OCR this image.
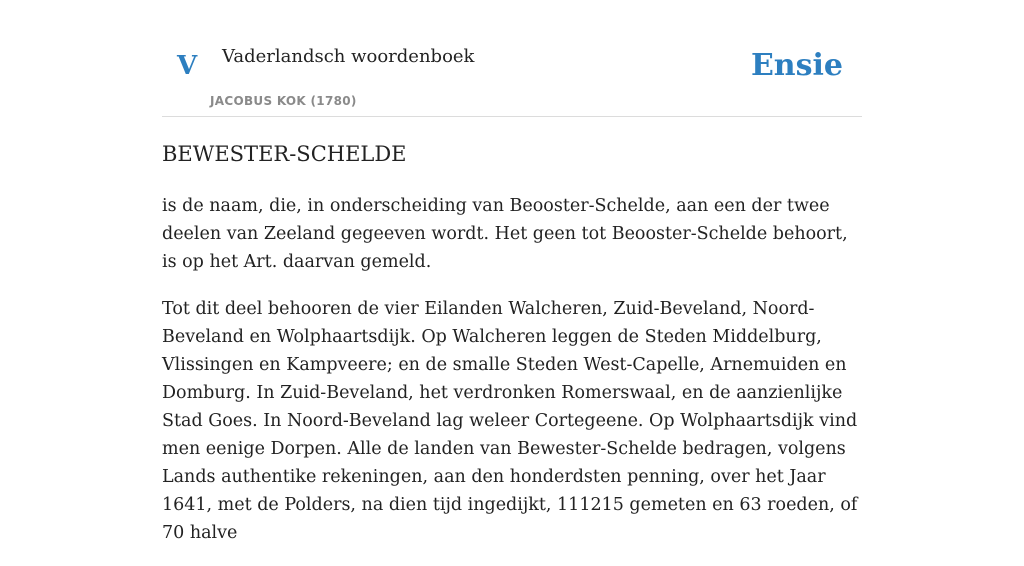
V Vaderlandsch woordenboek
JACOBUS KOK (1780)
Ensie
BEWESTER-SCHELDE

is de naam, die, in onderscheiding van Beooster-Schelde, aan een der twee deelen van Zeeland gegeeven wordt. Het geen tot Beooster-Schelde behoort, is op het Art. daarvan gemeld.

Tot dit deel behooren de vier Eilanden Walcheren, Zuid-Beveland, Noord-Beveland en Wolphaartsdijk. Op Walcheren leggen de Steden Middelburg, Vlissingen en Kampveere; en de smalle Steden West-Capelle, Arnemuiden en Domburg. In Zuid-Beveland, het verdronken Romerswaal, en de aanzienlijke Stad Goes. In Noord-Beveland lag weleer Cortegeene. Op Wolphaartsdijk vind men eenige Dorpen. Alle de landen van Bewester-Schelde bedragen, volgens Lands authentike rekeningen, aan den honderdsten penning, over het Jaar 1641, met de Polders, na dien tijd ingedijkt, 111215 gemeten en 63 roeden, of 70 halve
